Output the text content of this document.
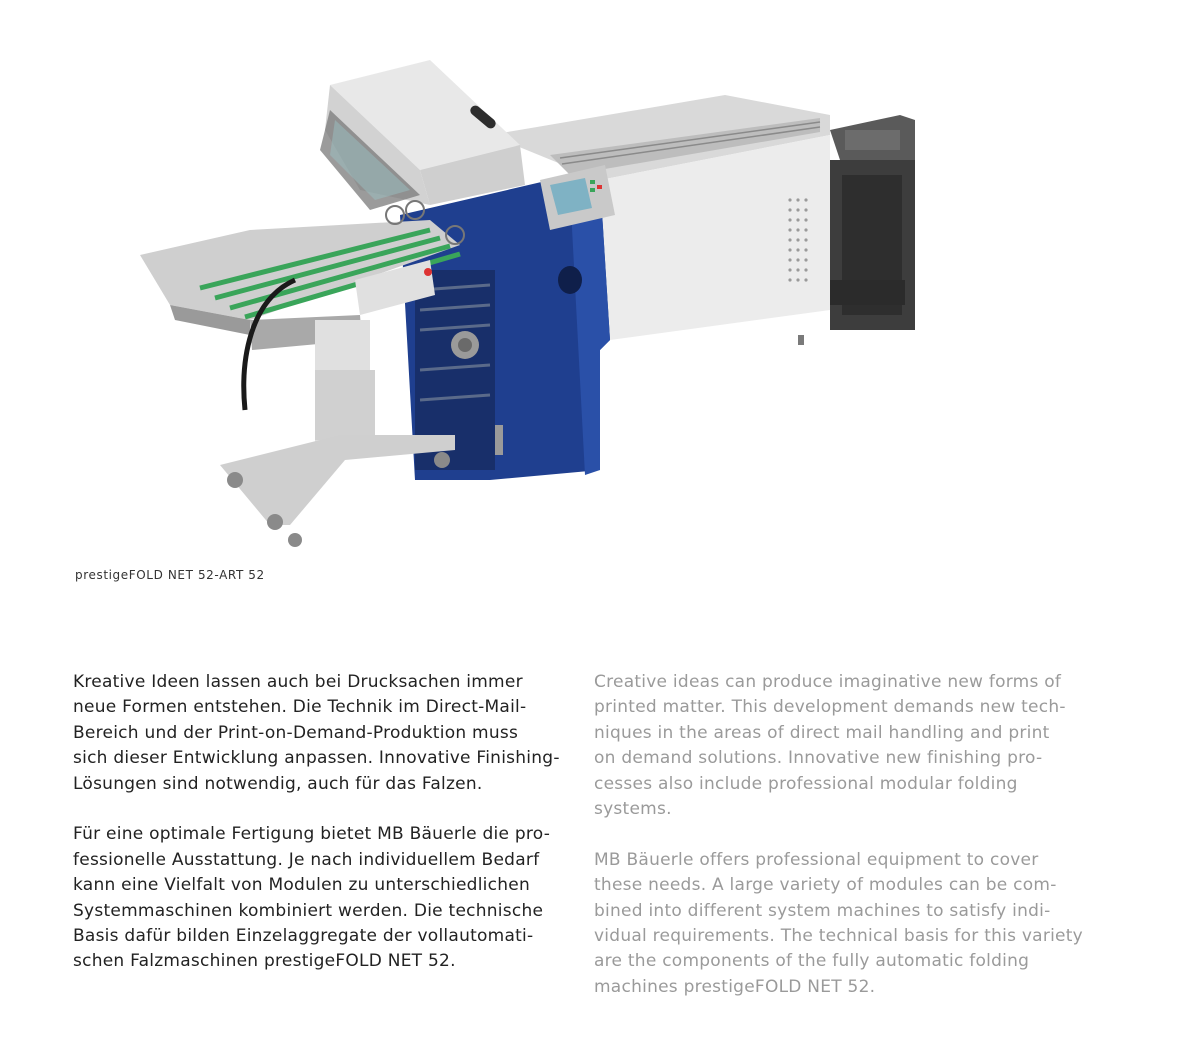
prestigeFOLD NET 52-ART 52

Kreative Ideen lassen auch bei Drucksachen immer

neue Formen entstehen. Die Technik im Direct-Mail-

Bereich und der Print-on-Demand-Produktion muss

sich dieser Entwicklung anpassen. Innovative Finishing-

Lösungen sind notwendig, auch für das Falzen.

Für eine optimale Fertigung bietet MB Bäuerle die pro-

fessionelle Ausstattung. Je nach individuellem Bedarf

kann eine Vielfalt von Modulen zu unterschiedlichen

Systemmaschinen kombiniert werden. Die technische

Basis dafür bilden Einzelaggregate der vollautomati-

schen Falzmaschinen prestigeFOLD NET 52.

Creative ideas can produce imaginative new forms of

printed matter. This development demands new tech-

niques in the areas of direct mail handling and print

on demand solutions. Innovative new finishing pro-

cesses also include professional modular folding

systems.

MB Bäuerle offers professional equipment to cover

these needs. A large variety of modules can be com-

bined into different system machines to satisfy indi-

vidual requirements. The technical basis for this variety

are the components of the fully automatic folding

machines prestigeFOLD NET 52.
